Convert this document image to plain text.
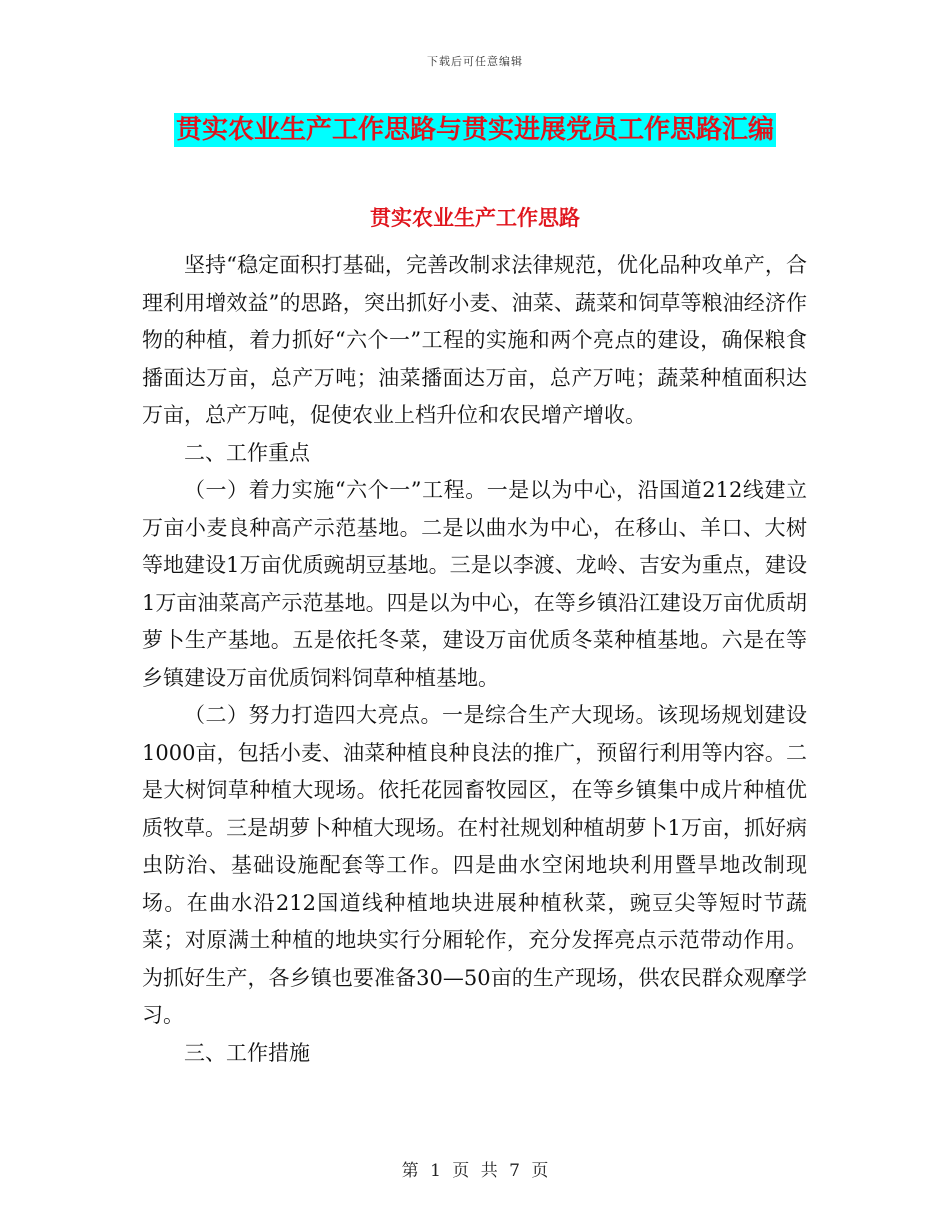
下载后可任意编辑
贯实农业生产工作思路与贯实进展党员工作思路汇编
贯实农业生产工作思路

坚持“稳定面积打基础，完善改制求法律规范，优化品种攻单产，合理利用增效益”的思路，突出抓好小麦、油菜、蔬菜和饲草等粮油经济作物的种植，着力抓好“六个一”工程的实施和两个亮点的建设，确保粮食播面达万亩，总产万吨；油菜播面达万亩，总产万吨；蔬菜种植面积达万亩，总产万吨，促使农业上档升位和农民增产增收。

二、工作重点

（一）着力实施“六个一”工程。一是以为中心，沿国道212线建立万亩小麦良种高产示范基地。二是以曲水为中心，在移山、羊口、大树等地建设1万亩优质豌胡豆基地。三是以李渡、龙岭、吉安为重点，建设1万亩油菜高产示范基地。四是以为中心，在等乡镇沿江建设万亩优质胡萝卜生产基地。五是依托冬菜，建设万亩优质冬菜种植基地。六是在等乡镇建设万亩优质饲料饲草种植基地。

（二）努力打造四大亮点。一是综合生产大现场。该现场规划建设1000亩，包括小麦、油菜种植良种良法的推广，预留行利用等内容。二是大树饲草种植大现场。依托花园畜牧园区，在等乡镇集中成片种植优质牧草。三是胡萝卜种植大现场。在村社规划种植胡萝卜1万亩，抓好病虫防治、基础设施配套等工作。四是曲水空闲地块利用暨旱地改制现场。在曲水沿212国道线种植地块进展种植秋菜，豌豆尖等短时节蔬菜；对原满土种植的地块实行分厢轮作，充分发挥亮点示范带动作用。为抓好生产，各乡镇也要准备30—50亩的生产现场，供农民群众观摩学习。

三、工作措施

第 1 页 共 7 页
